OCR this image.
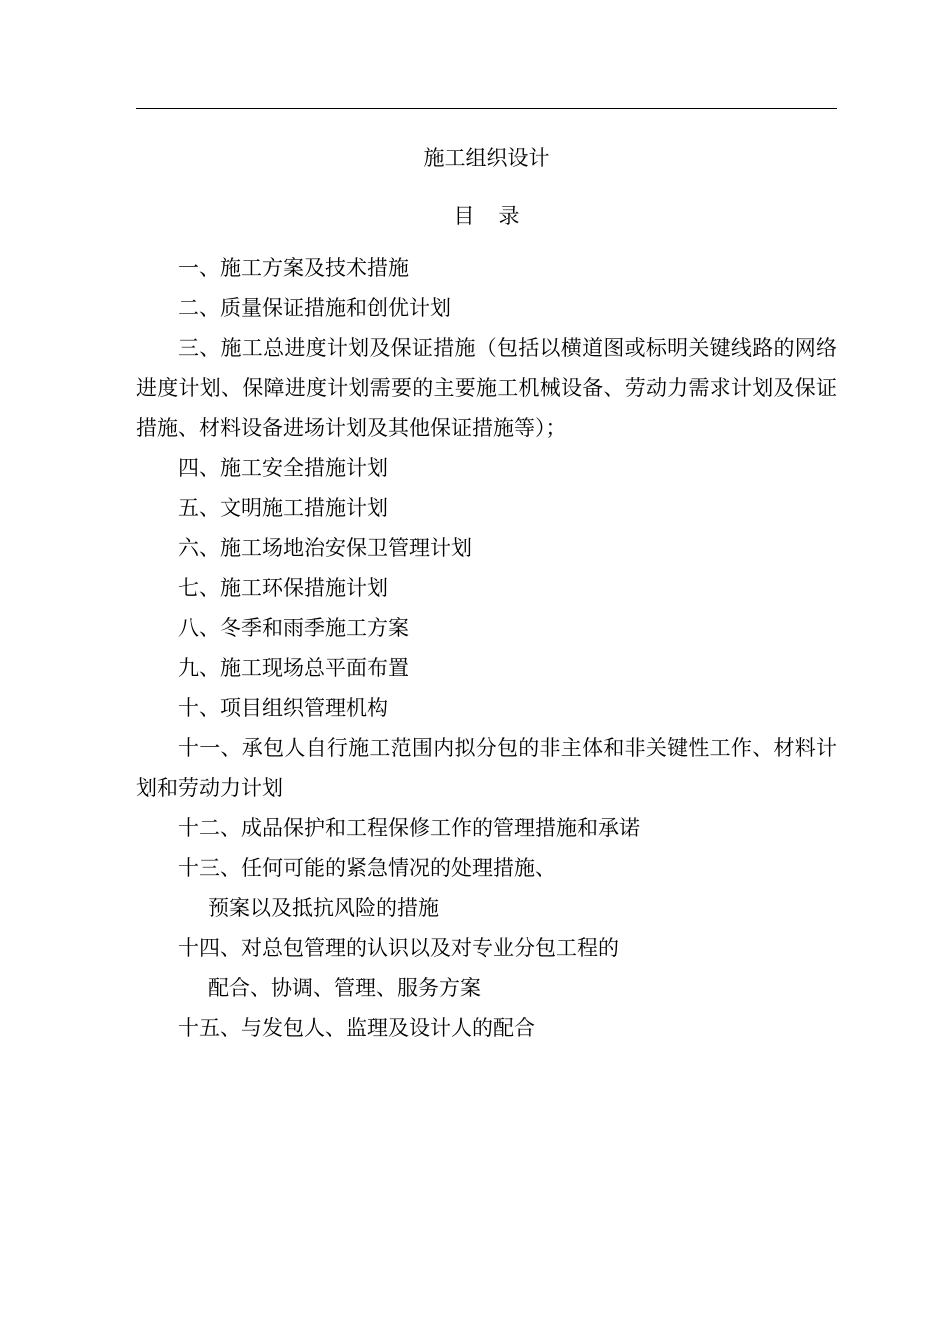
施工组织设计
目录
一、施工方案及技术措施
二、质量保证措施和创优计划
三、施工总进度计划及保证措施（包括以横道图或标明关键线路的网络进度计划、保障进度计划需要的主要施工机械设备、劳动力需求计划及保证措施、材料设备进场计划及其他保证措施等）；
四、施工安全措施计划
五、文明施工措施计划
六、施工场地治安保卫管理计划
七、施工环保措施计划
八、冬季和雨季施工方案
九、施工现场总平面布置
十、项目组织管理机构
十一、承包人自行施工范围内拟分包的非主体和非关键性工作、材料计划和劳动力计划
十二、成品保护和工程保修工作的管理措施和承诺
十三、任何可能的紧急情况的处理措施、
预案以及抵抗风险的措施
十四、对总包管理的认识以及对专业分包工程的
配合、协调、管理、服务方案
十五、与发包人、监理及设计人的配合
